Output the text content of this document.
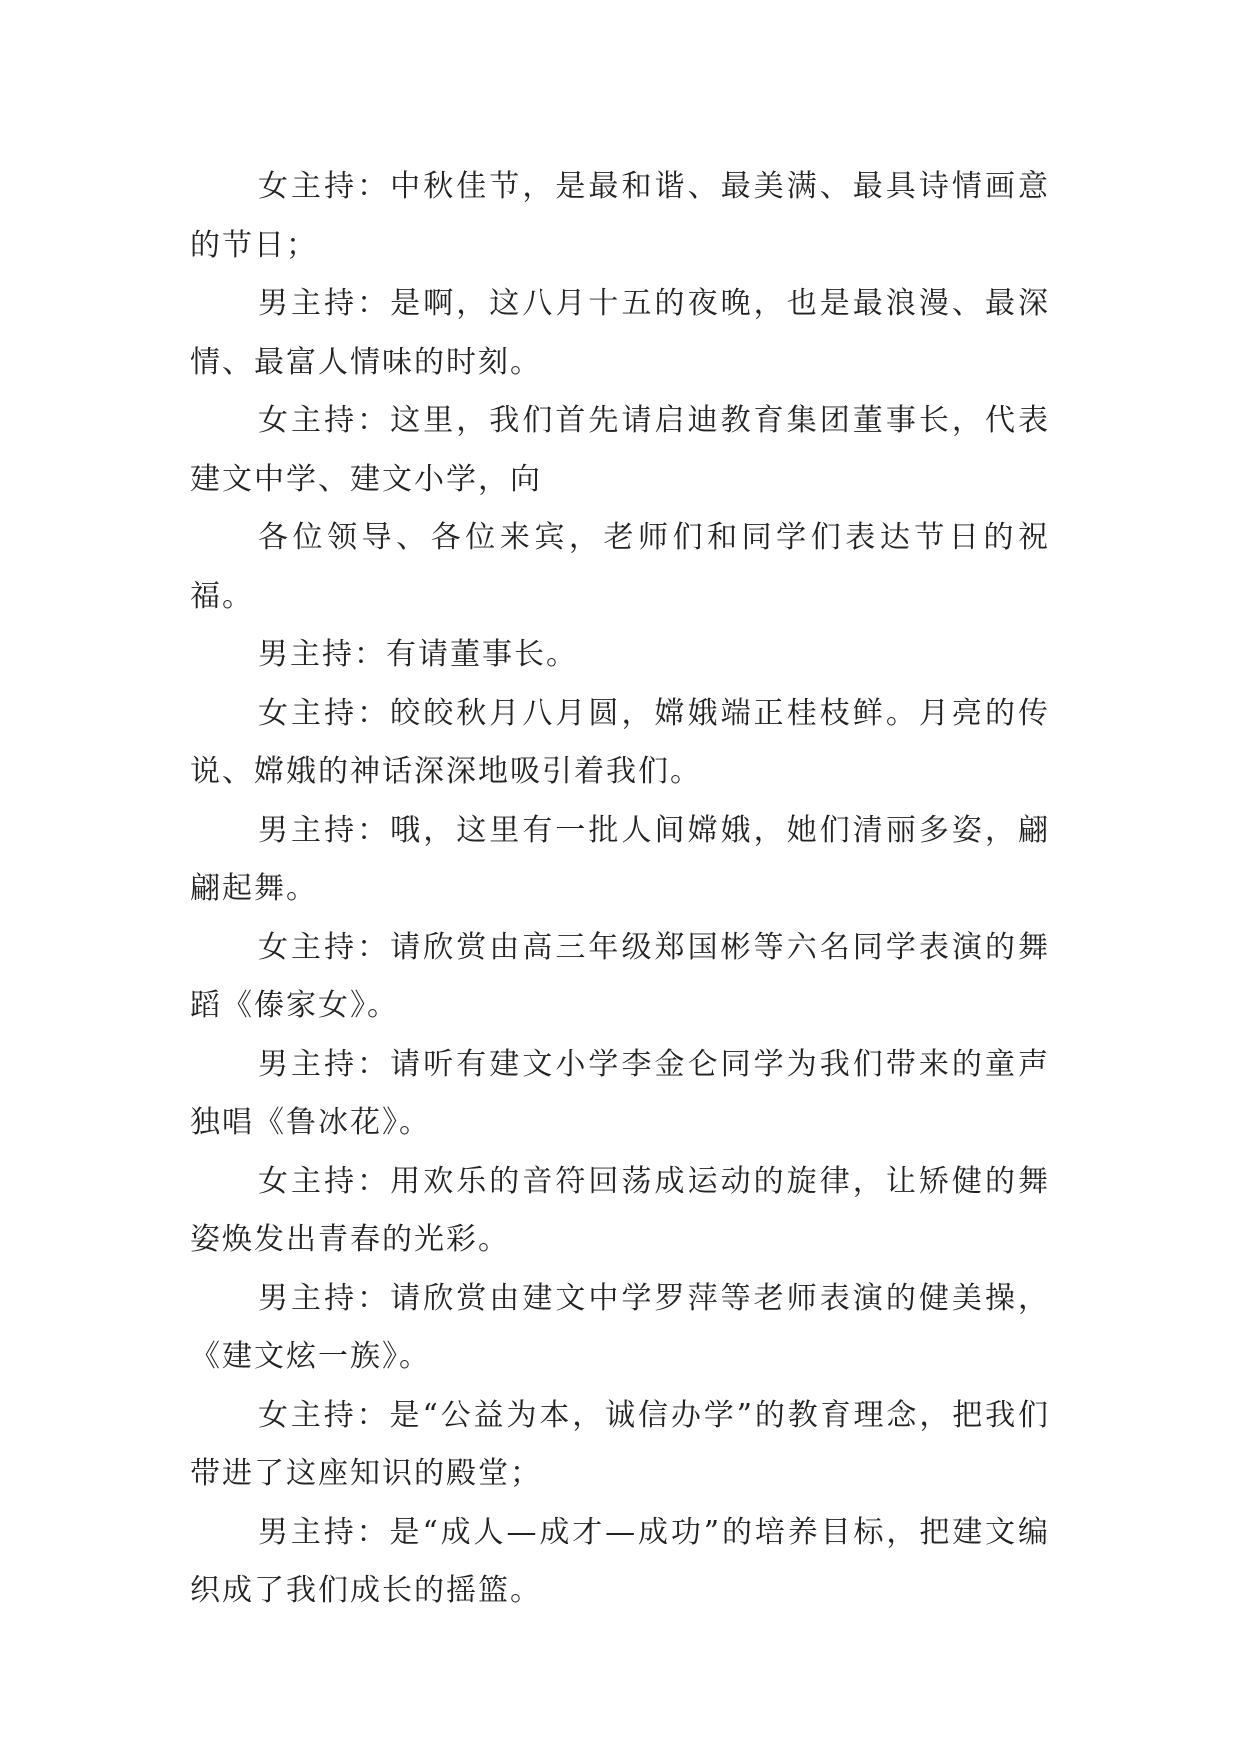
女主持：中秋佳节，是最和谐、最美满、最具诗情画意的节日；

男主持：是啊，这八月十五的夜晚，也是最浪漫、最深情、最富人情味的时刻。

女主持：这里，我们首先请启迪教育集团董事长，代表建文中学、建文小学，向

各位领导、各位来宾，老师们和同学们表达节日的祝福。

男主持：有请董事长。

女主持：皎皎秋月八月圆，嫦娥端正桂枝鲜。月亮的传说、嫦娥的神话深深地吸引着我们。

男主持：哦，这里有一批人间嫦娥，她们清丽多姿，翩翩起舞。

女主持：请欣赏由高三年级郑国彬等六名同学表演的舞蹈《傣家女》。

男主持：请听有建文小学李金仑同学为我们带来的童声独唱《鲁冰花》。

女主持：用欢乐的音符回荡成运动的旋律，让矫健的舞姿焕发出青春的光彩。

男主持：请欣赏由建文中学罗萍等老师表演的健美操，《建文炫一族》。

女主持：是“公益为本，诚信办学”的教育理念，把我们带进了这座知识的殿堂；

男主持：是“成人—成才—成功”的培养目标，把建文编织成了我们成长的摇篮。
